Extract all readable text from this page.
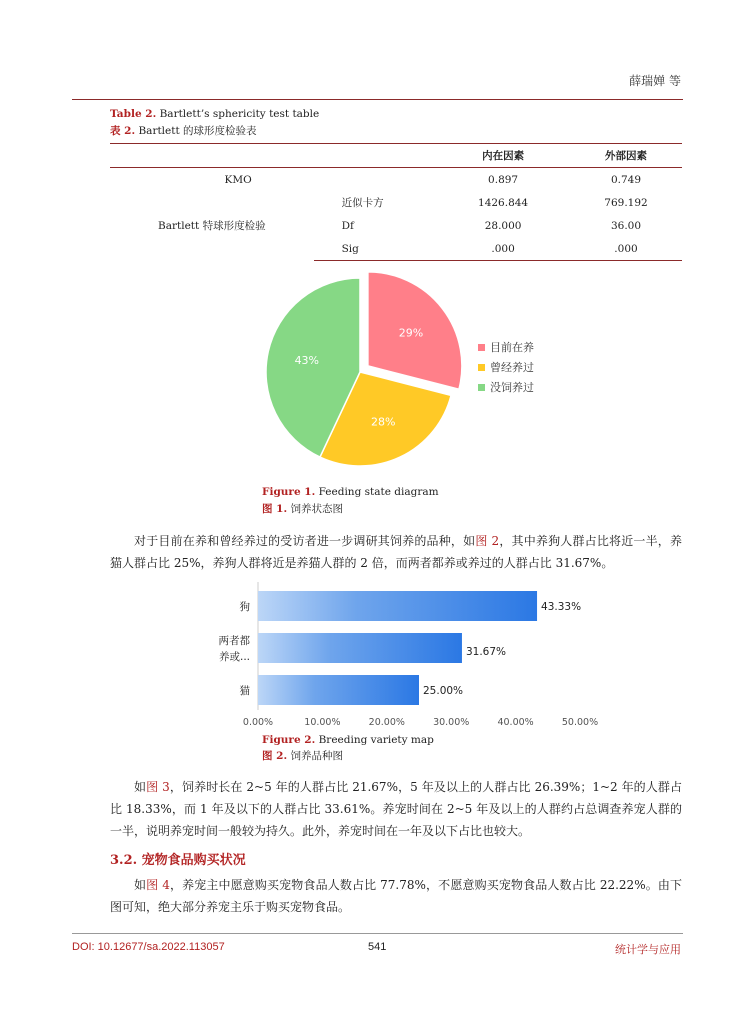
薛瑞婵 等
Table 2. Bartlett’s sphericity test table
表 2. Bartlett 的球形度检验表
		内在因素	外部因素
KMO		0.897	0.749
Bartlett 特球形度检验	近似卡方	1426.844	769.192
	Df	28.000	36.00
	Sig	.000	.000
29%
28%
43%
目前在养
曾经养过
没饲养过
Figure 1. Feeding state diagram
图 1. 饲养状态图
对于目前在养和曾经养过的受访者进一步调研其饲养的品种，如图 2，其中养狗人群占比将近一半，养猫人群占比 25%，养狗人群将近是养猫人群的 2 倍，而两者都养或养过的人群占比 31.67%。
43.33%
狗
31.67%
两者都
养或...
25.00%
猫
0.00%	10.00%	20.00%	30.00%	40.00%	50.00%
Figure 2. Breeding variety map
图 2. 饲养品种图
如图 3，饲养时长在 2~5 年的人群占比 21.67%，5 年及以上的人群占比 26.39%；1~2 年的人群占比 18.33%，而 1 年及以下的人群占比 33.61%。养宠时间在 2~5 年及以上的人群约占总调查养宠人群的一半，说明养宠时间一般较为持久。此外，养宠时间在一年及以下占比也较大。
3.2. 宠物食品购买状况
如图 4，养宠主中愿意购买宠物食品人数占比 77.78%，不愿意购买宠物食品人数占比 22.22%。由下图可知，绝大部分养宠主乐于购买宠物食品。
DOI: 10.12677/sa.2022.113057	541	统计学与应用
